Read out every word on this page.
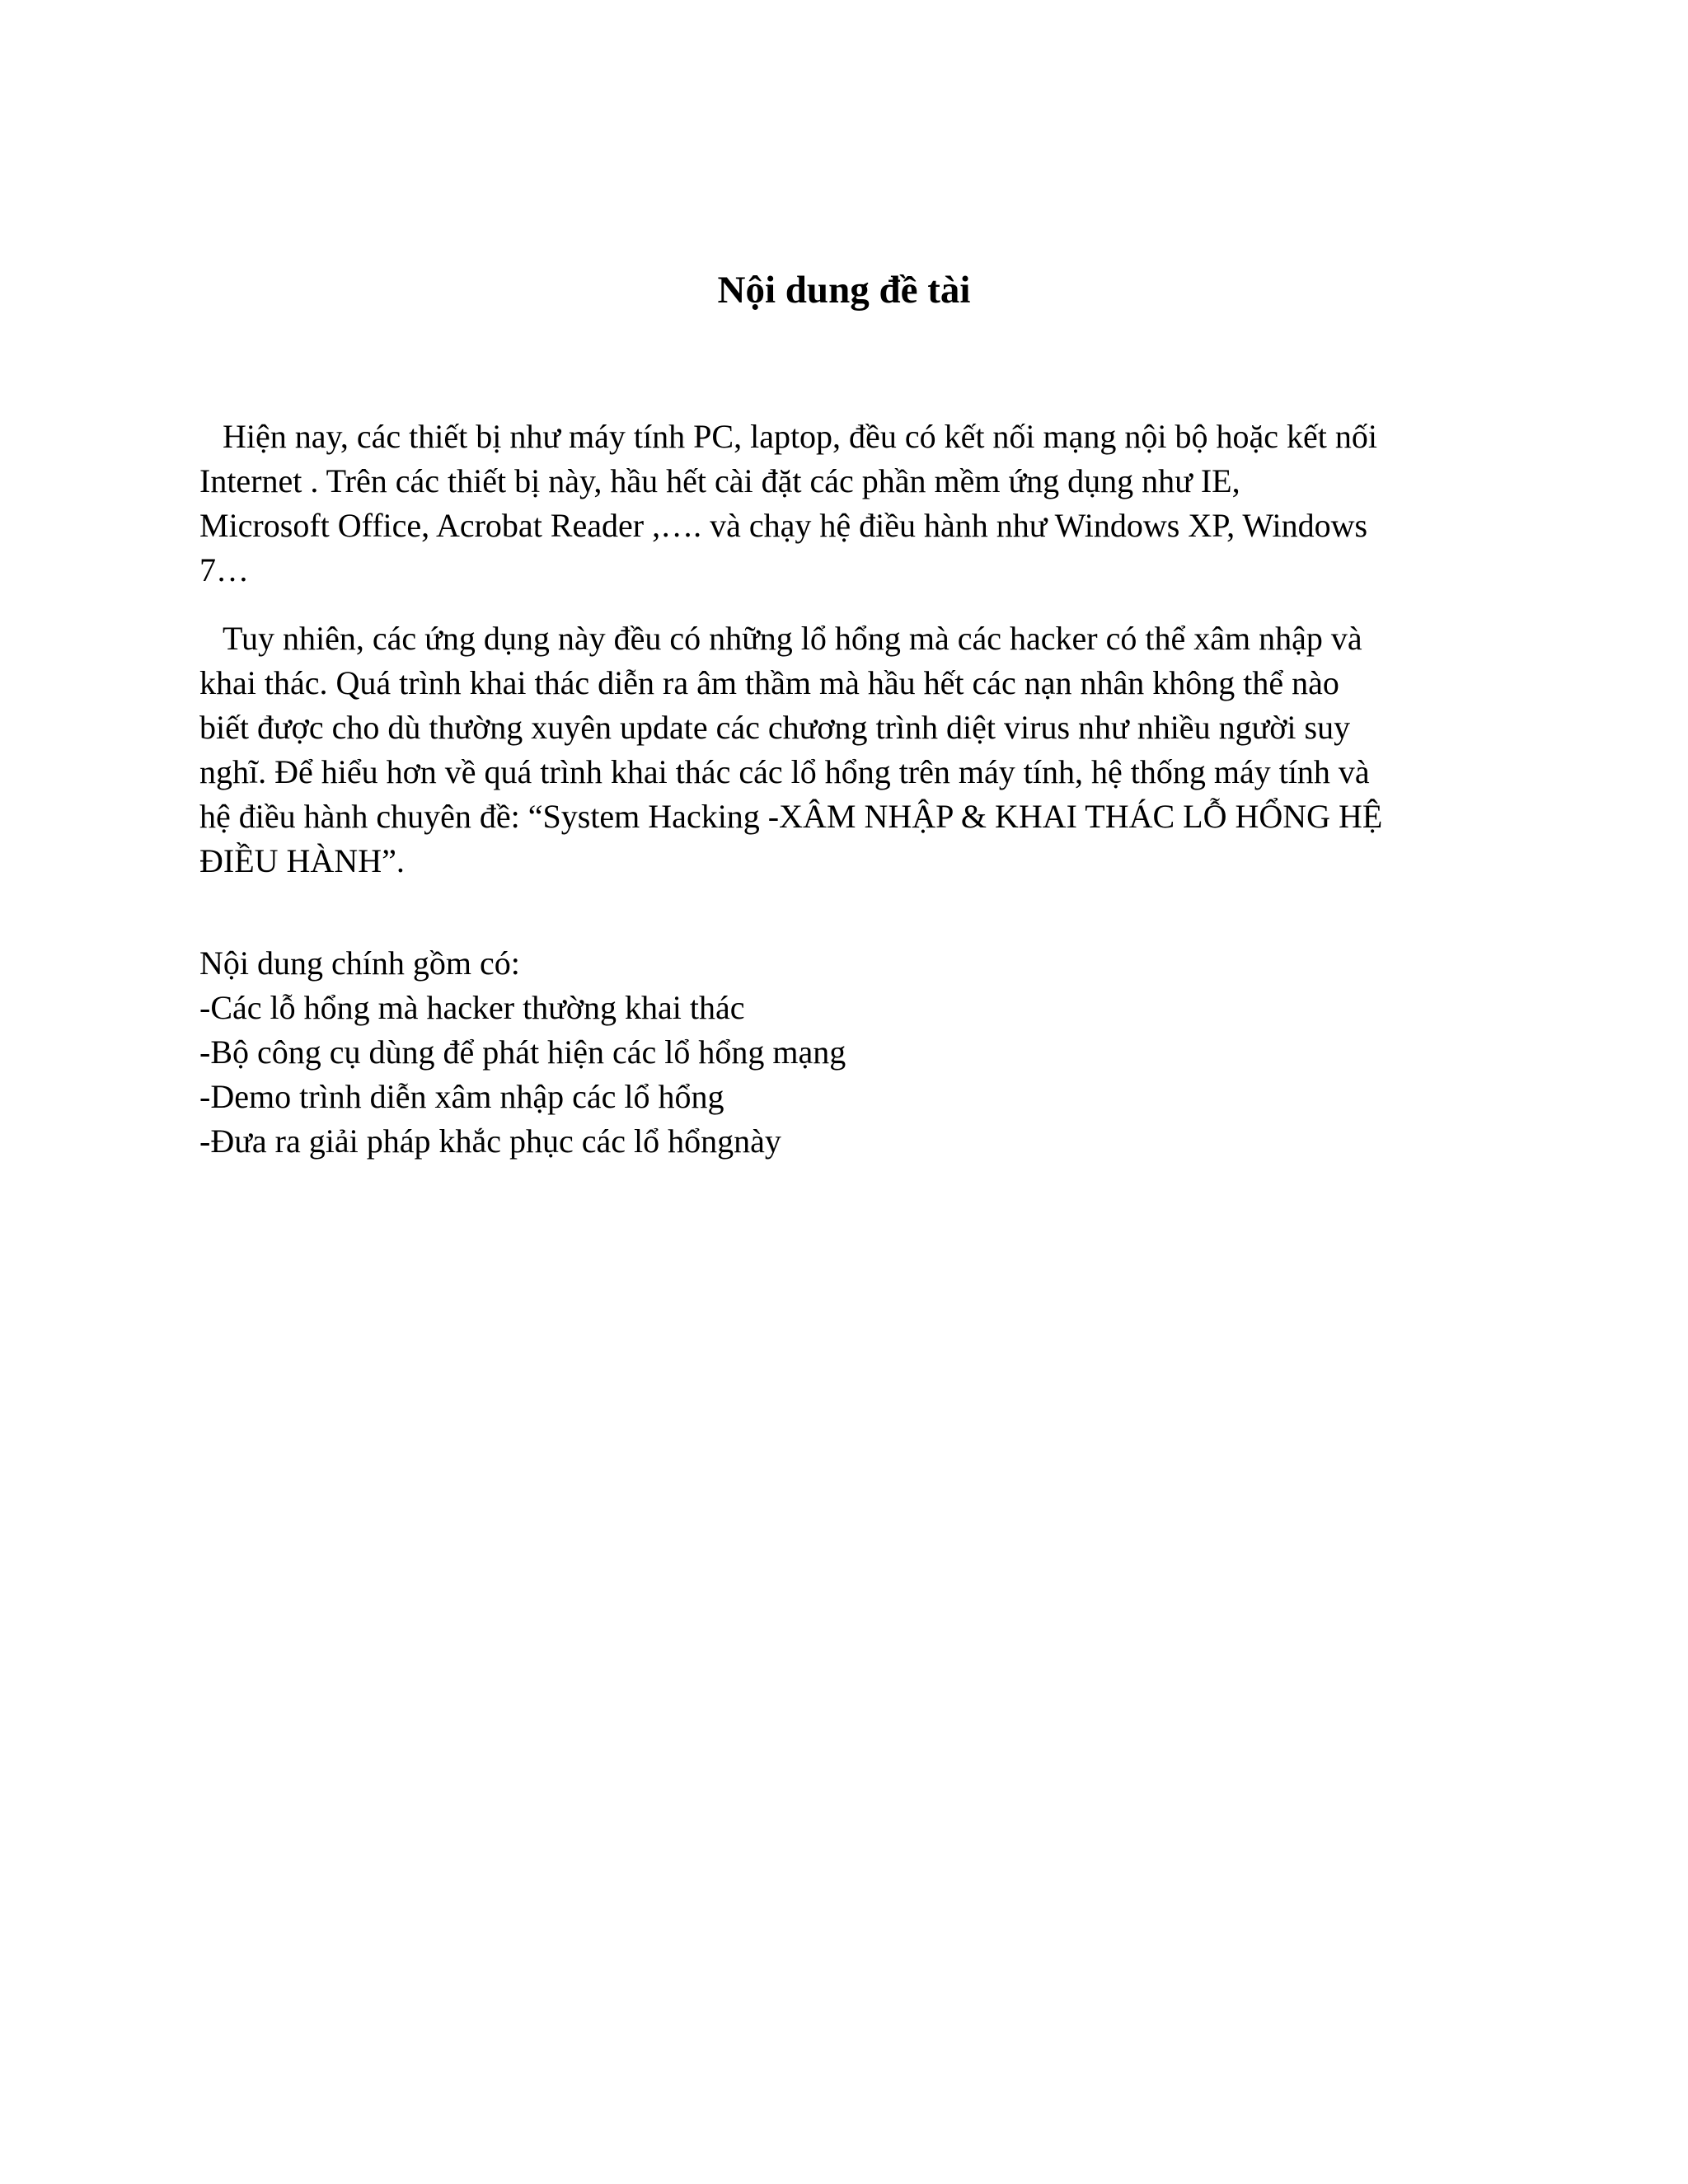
Nội dung đề tài
Hiện nay, các thiết bị như máy tính PC, laptop, đều có kết nối mạng nội bộ hoặc kết nối
Internet . Trên các thiết bị này, hầu hết cài đặt các phần mềm ứng dụng như IE,
Microsoft Office, Acrobat Reader ,…. và chạy hệ điều hành như Windows XP, Windows
7…
Tuy nhiên, các ứng dụng này đều có những lổ hổng mà các hacker có thể xâm nhập và
khai thác. Quá trình khai thác diễn ra âm thầm mà hầu hết các nạn nhân không thể nào
biết được cho dù thường xuyên update các chương trình diệt virus như nhiều người suy
nghĩ. Để hiểu hơn về quá trình khai thác các lổ hổng trên máy tính, hệ thống máy tính và
hệ điều hành chuyên đề: “System Hacking -XÂM NHẬP & KHAI THÁC LỖ HỔNG HỆ
ĐIỀU HÀNH”.
Nội dung chính gồm có:
-Các lỗ hổng mà hacker thường khai thác
-Bộ công cụ dùng để phát hiện các lổ hổng mạng
-Demo trình diễn xâm nhập các lổ hổng
-Đưa ra giải pháp khắc phục các lổ hổngnày
